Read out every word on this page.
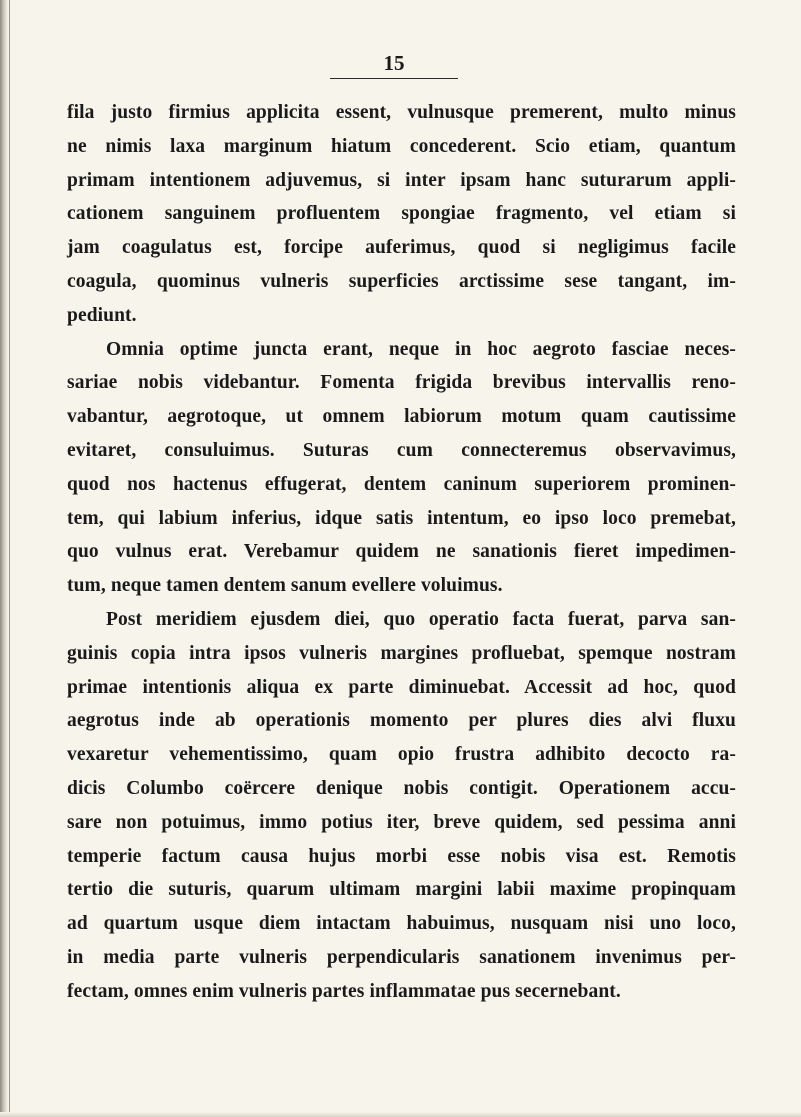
15
fila justo firmius applicita essent, vulnusque premerent, multo minus
ne nimis laxa marginum hiatum concederent. Scio etiam, quantum
primam intentionem adjuvemus, si inter ipsam hanc suturarum appli-
cationem sanguinem profluentem spongiae fragmento, vel etiam si
jam coagulatus est, forcipe auferimus, quod si negligimus facile
coagula, quominus vulneris superficies arctissime sese tangant, im-
pediunt.
Omnia optime juncta erant, neque in hoc aegroto fasciae neces-
sariae nobis videbantur. Fomenta frigida brevibus intervallis reno-
vabantur, aegrotoque, ut omnem labiorum motum quam cautissime
evitaret, consuluimus. Suturas cum connecteremus observavimus,
quod nos hactenus effugerat, dentem caninum superiorem prominen-
tem, qui labium inferius, idque satis intentum, eo ipso loco premebat,
quo vulnus erat. Verebamur quidem ne sanationis fieret impedimen-
tum, neque tamen dentem sanum evellere voluimus.
Post meridiem ejusdem diei, quo operatio facta fuerat, parva san-
guinis copia intra ipsos vulneris margines profluebat, spemque nostram
primae intentionis aliqua ex parte diminuebat. Accessit ad hoc, quod
aegrotus inde ab operationis momento per plures dies alvi fluxu
vexaretur vehementissimo, quam opio frustra adhibito decocto ra-
dicis Columbo coërcere denique nobis contigit. Operationem accu-
sare non potuimus, immo potius iter, breve quidem, sed pessima anni
temperie factum causa hujus morbi esse nobis visa est. Remotis
tertio die suturis, quarum ultimam margini labii maxime propinquam
ad quartum usque diem intactam habuimus, nusquam nisi uno loco,
in media parte vulneris perpendicularis sanationem invenimus per-
fectam, omnes enim vulneris partes inflammatae pus secernebant.
